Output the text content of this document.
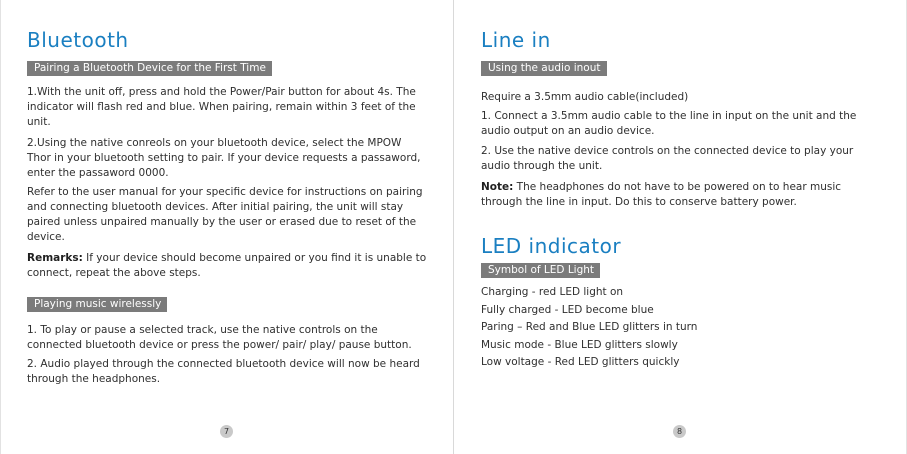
Bluetooth
Pairing a Bluetooth Device for the First Time

1.With the unit off, press and hold the Power/Pair button for about 4s. The indicator will flash red and blue. When pairing, remain within 3 feet of the unit.

2.Using the native conreols on your bluetooth device, select the MPOW Thor in your bluetooth setting to pair. If your device requests a passaword, enter the passaword 0000.

Refer to the user manual for your specific device for instructions on pairing and connecting bluetooth devices. After initial pairing, the unit will stay paired unless unpaired manually by the user or erased due to reset of the device.

Remarks: If your device should become unpaired or you find it is unable to connect, repeat the above steps.

Playing music wirelessly

1. To play or pause a selected track, use the native controls on the connected bluetooth device or press the power/ pair/ play/ pause button.

2. Audio played through the connected bluetooth device will now be heard through the headphones.

7
Line in
Using the audio inout

Require a 3.5mm audio cable(included)

1. Connect a 3.5mm audio cable to the line in input on the unit and the audio output on an audio device.

2. Use the native device controls on the connected device to play your audio through the unit.

Note: The headphones do not have to be powered on to hear music through the line in input. Do this to conserve battery power.

LED indicator
Symbol of LED Light
Charging - red LED light on
Fully charged - LED become blue
Paring – Red and Blue LED glitters in turn
Music mode - Blue LED glitters slowly
Low voltage - Red LED glitters quickly
8
